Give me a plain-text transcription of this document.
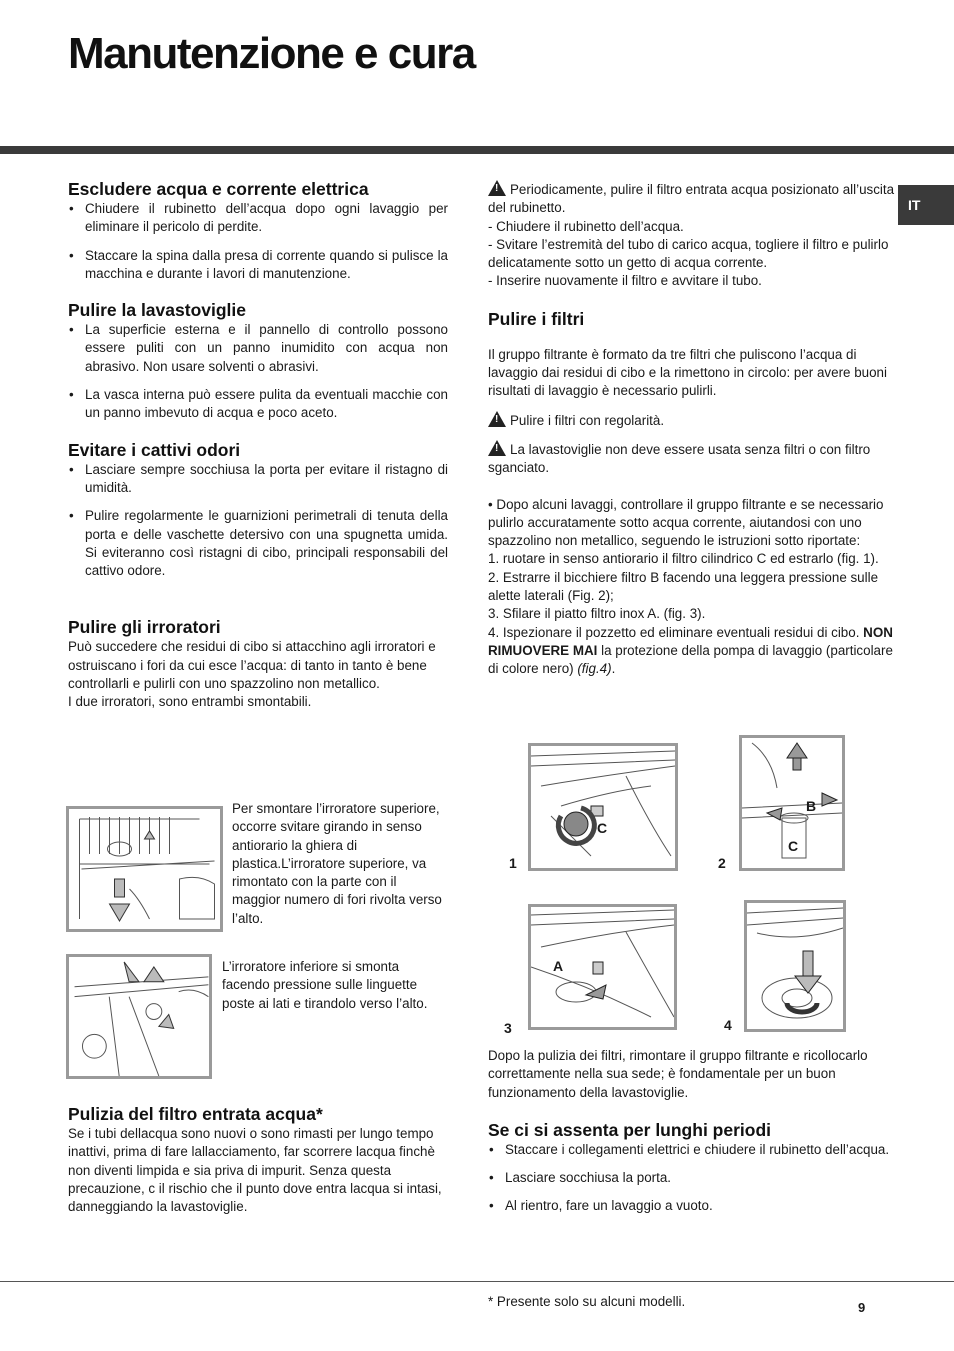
Manutenzione e cura
IT
Escludere acqua e corrente elettrica
• Chiudere il rubinetto dell’acqua dopo ogni lavaggio per eliminare il pericolo di perdite.
• Staccare la spina dalla presa di corrente quando si pulisce la macchina e durante i lavori di manutenzione.
Pulire la lavastoviglie
• La superficie esterna e il pannello di controllo possono essere puliti con un panno inumidito con acqua non abrasivo. Non usare solventi o abrasivi.
• La vasca interna può essere pulita da eventuali macchie con un panno imbevuto di acqua e poco aceto.
Evitare i cattivi odori
• Lasciare sempre socchiusa la porta per evitare il ristagno di umidità.
• Pulire regolarmente le guarnizioni perimetrali di tenuta della porta e delle vaschette detersivo con una spugnetta umida. Si eviteranno così ristagni di cibo, principali responsabili del cattivo odore.
Pulire gli irroratori

Può succedere che residui di cibo si attacchino agli irroratori e ostruiscano i fori da cui esce l’acqua: di tanto in tanto è bene controllarli e pulirli con uno spazzolino non metallico.

I due irroratori, sono entrambi smontabili.

Per smontare l’irroratore superiore, occorre svitare girando in senso antiorario la ghiera di plastica.L’irroratore superiore, va rimontato con la parte con il maggior numero di fori rivolta verso l’alto.
L’irroratore inferiore si smonta facendo pressione sulle linguette poste ai lati e tirandolo verso l’alto.
Pulizia del filtro entrata acqua*

Se i tubi dellacqua sono nuovi o sono rimasti per lungo tempo inattivi, prima di fare lallacciamento, far scorrere lacqua finchè non diventi limpida e sia priva di impurit. Senza questa precauzione, c il rischio che il punto dove entra lacqua si intasi, danneggiando la lavastoviglie.

!Periodicamente, pulire il filtro entrata acqua posizionato all’uscita del rubinetto.

- Chiudere il rubinetto dell’acqua.

- Svitare l’estremità del tubo di carico acqua, togliere il filtro e pulirlo delicatamente sotto un getto di acqua corrente.

- Inserire nuovamente il filtro e avvitare il tubo.

Pulire i filtri

Il gruppo filtrante è formato da tre filtri che puliscono l’acqua di lavaggio dai residui di cibo e la rimettono in circolo: per avere buoni risultati di lavaggio è necessario pulirli.

!Pulire i filtri con regolarità.

!La lavastoviglie non deve essere usata senza filtri o con filtro sganciato.

• Dopo alcuni lavaggi, controllare il gruppo filtrante e se necessario pulirlo accuratamente sotto acqua corrente, aiutandosi con uno spazzolino non metallico, seguendo le istruzioni sotto riportate:

1. ruotare in senso antiorario il filtro cilindrico C ed estrarlo (fig. 1).

2. Estrarre il bicchiere filtro B facendo una leggera pressione sulle alette laterali (Fig. 2);

3. Sfilare il piatto filtro inox A. (fig. 3).

4. Ispezionare il pozzetto ed eliminare eventuali residui di cibo. NON RIMUOVERE MAI la protezione della pompa di lavaggio (particolare di colore nero) (fig.4).

1
C
2
B
C
3
A
4

Dopo la pulizia dei filtri, rimontare il gruppo filtrante e ricollocarlo correttamente nella sua sede; è fondamentale per un buon funzionamento della lavastoviglie.

Se ci si assenta per lunghi periodi
• Staccare i collegamenti elettrici e chiudere il rubinetto dell’acqua.
• Lasciare socchiusa la porta.
• Al rientro, fare un lavaggio a vuoto.
* Presente solo su alcuni modelli.	9
